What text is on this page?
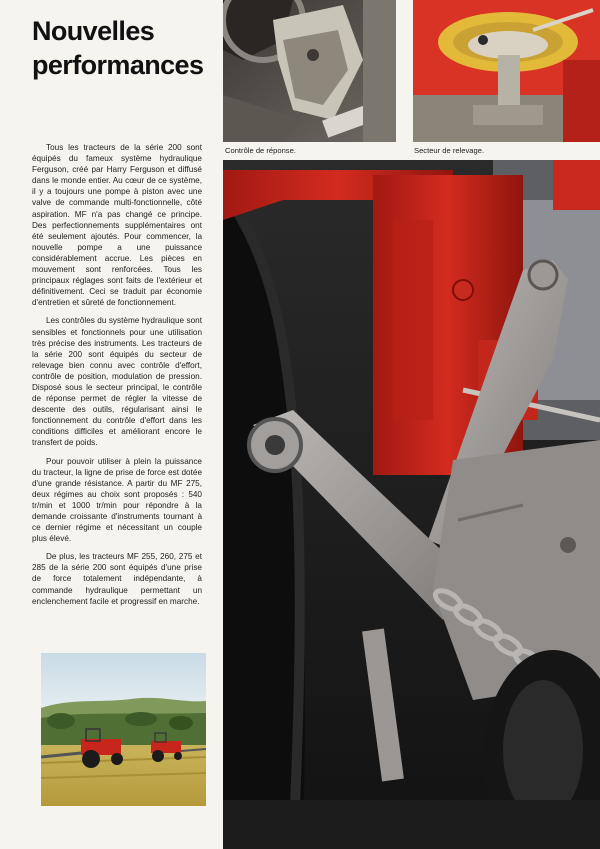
Nouvelles
performances

Tous les tracteurs de la série 200 sont équipés du fameux système hydraulique Ferguson, créé par Harry Ferguson et diffusé dans le monde entier. Au cœur de ce système, il y a toujours une pompe à piston avec une valve de commande multi-fonctionnelle, côté aspiration. MF n'a pas changé ce principe. Des perfectionnements supplémentaires ont été seulement ajoutés. Pour commencer, la nouvelle pompe a une puissance considérablement accrue. Les pièces en mouvement sont renforcées. Tous les principaux réglages sont faits de l'extérieur et définitivement. Ceci se traduit par économie d'entretien et sûreté de fonctionnement.

Les contrôles du système hydraulique sont sensibles et fonctionnels pour une utilisation très précise des instruments. Les tracteurs de la série 200 sont équipés du secteur de relevage bien connu avec contrôle d'effort, contrôle de position, modulation de pression. Disposé sous le secteur principal, le contrôle de réponse permet de régler la vitesse de descente des outils, régularisant ainsi le fonctionnement du contrôle d'effort dans les conditions difficiles et améliorant encore le transfert de poids.

Pour pouvoir utiliser à plein la puissance du tracteur, la ligne de prise de force est dotée d'une grande résistance. A partir du MF 275, deux régimes au choix sont proposés : 540 tr/min et 1000 tr/min pour répondre à la demande croissante d'instruments tournant à ce dernier régime et nécessitant un couple plus élevé.

De plus, les tracteurs MF 255, 260, 275 et 285 de la série 200 sont équipés d'une prise de force totalement indépendante, à commande hydraulique permettant un enclenchement facile et progressif en marche.

Contrôle de réponse.	Secteur de relevage.
